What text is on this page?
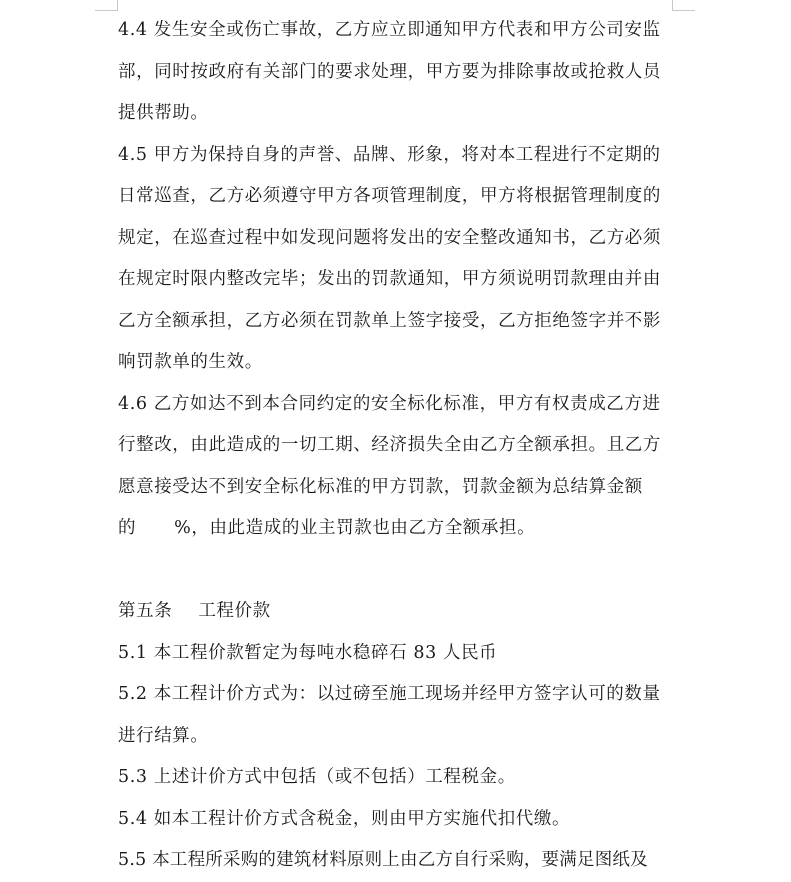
4.4 发生安全或伤亡事故，乙方应立即通知甲方代表和甲方公司安监
部，同时按政府有关部门的要求处理，甲方要为排除事故或抢救人员
提供帮助。
4.5 甲方为保持自身的声誉、品牌、形象，将对本工程进行不定期的
日常巡查，乙方必须遵守甲方各项管理制度，甲方将根据管理制度的
规定，在巡查过程中如发现问题将发出的安全整改通知书，乙方必须
在规定时限内整改完毕；发出的罚款通知，甲方须说明罚款理由并由
乙方全额承担，乙方必须在罚款单上签字接受，乙方拒绝签字并不影
响罚款单的生效。
4.6 乙方如达不到本合同约定的安全标化标准，甲方有权责成乙方进
行整改，由此造成的一切工期、经济损失全由乙方全额承担。且乙方
愿意接受达不到安全标化标准的甲方罚款，罚款金额为总结算金额
的 %，由此造成的业主罚款也由乙方全额承担。
第五条 工程价款
5.1 本工程价款暂定为每吨水稳碎石 83 人民币
5.2 本工程计价方式为：以过磅至施工现场并经甲方签字认可的数量
进行结算。
5.3 上述计价方式中包括（或不包括）工程税金。
5.4 如本工程计价方式含税金，则由甲方实施代扣代缴。
5.5 本工程所采购的建筑材料原则上由乙方自行采购，要满足图纸及
